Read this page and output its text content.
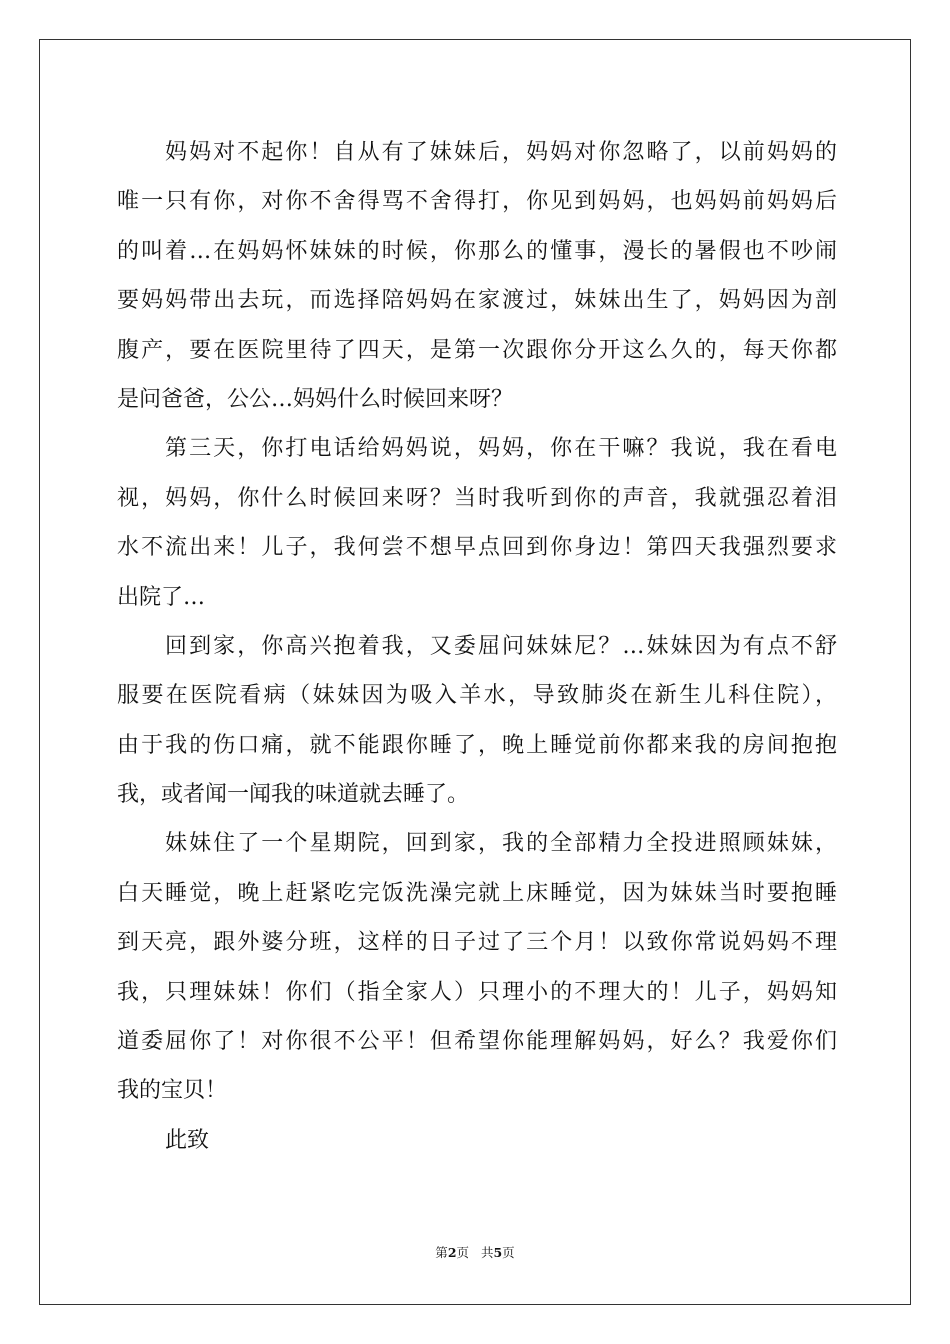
妈妈对不起你！自从有了妹妹后，妈妈对你忽略了，以前妈妈的
唯一只有你，对你不舍得骂不舍得打，你见到妈妈，也妈妈前妈妈后
的叫着…在妈妈怀妹妹的时候，你那么的懂事，漫长的暑假也不吵闹
要妈妈带出去玩，而选择陪妈妈在家渡过，妹妹出生了，妈妈因为剖
腹产，要在医院里待了四天，是第一次跟你分开这么久的，每天你都
是问爸爸，公公…妈妈什么时候回来呀？
第三天，你打电话给妈妈说，妈妈，你在干嘛？我说，我在看电
视，妈妈，你什么时候回来呀？当时我听到你的声音，我就强忍着泪
水不流出来！儿子，我何尝不想早点回到你身边！第四天我强烈要求
出院了…
回到家，你高兴抱着我，又委屈问妹妹尼？…妹妹因为有点不舒
服要在医院看病（妹妹因为吸入羊水，导致肺炎在新生儿科住院），
由于我的伤口痛，就不能跟你睡了，晚上睡觉前你都来我的房间抱抱
我，或者闻一闻我的味道就去睡了。
妹妹住了一个星期院，回到家，我的全部精力全投进照顾妹妹，
白天睡觉，晚上赶紧吃完饭洗澡完就上床睡觉，因为妹妹当时要抱睡
到天亮，跟外婆分班，这样的日子过了三个月！以致你常说妈妈不理
我，只理妹妹！你们（指全家人）只理小的不理大的！儿子，妈妈知
道委屈你了！对你很不公平！但希望你能理解妈妈，好么？我爱你们
我的宝贝！
此致
第2页 共5页
